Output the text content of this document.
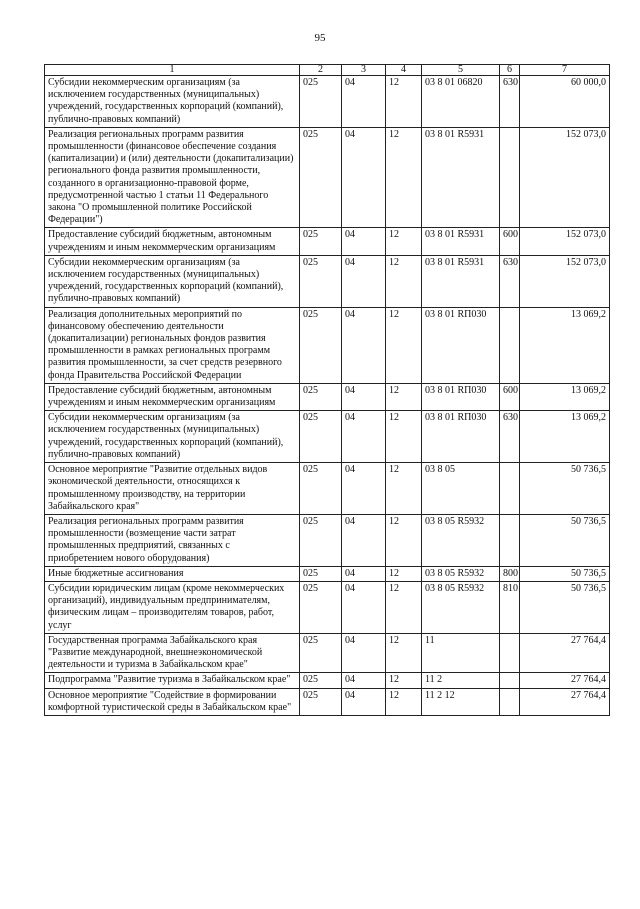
95
1	2	3	4	5	6	7
Субсидии некоммерческим организациям (за исключением государственных (муниципальных) учреждений, государственных корпораций (компаний), публично-правовых компаний)	025	04	12	03 8 01 06820	630	60 000,0
Реализация региональных программ развития промышленности (финансовое обеспечение создания (капитализации) и (или) деятельности (докапитализации) регионального фонда развития промышленности, созданного в организационно-правовой форме, предусмотренной частью 1 статьи 11 Федерального закона "О промышленной политике Российской Федерации")	025	04	12	03 8 01 R5931		152 073,0
Предоставление субсидий бюджетным, автономным учреждениям и иным некоммерческим организациям	025	04	12	03 8 01 R5931	600	152 073,0
Субсидии некоммерческим организациям (за исключением государственных (муниципальных) учреждений, государственных корпораций (компаний), публично-правовых компаний)	025	04	12	03 8 01 R5931	630	152 073,0
Реализация дополнительных мероприятий по финансовому обеспечению деятельности (докапитализации) региональных фондов развития промышленности в рамках региональных программ развития промышленности, за счет средств резервного фонда Правительства Российской Федерации	025	04	12	03 8 01 RП030		13 069,2
Предоставление субсидий бюджетным, автономным учреждениям и иным некоммерческим организациям	025	04	12	03 8 01 RП030	600	13 069,2
Субсидии некоммерческим организациям (за исключением государственных (муниципальных) учреждений, государственных корпораций (компаний), публично-правовых компаний)	025	04	12	03 8 01 RП030	630	13 069,2
Основное мероприятие "Развитие отдельных видов экономической деятельности, относящихся к промышленному производству, на территории Забайкальского края"	025	04	12	03 8 05		50 736,5
Реализация региональных программ развития промышленности (возмещение части затрат промышленных предприятий, связанных с приобретением нового оборудования)	025	04	12	03 8 05 R5932		50 736,5
Иные бюджетные ассигнования	025	04	12	03 8 05 R5932	800	50 736,5
Субсидии юридическим лицам (кроме некоммерческих организаций), индивидуальным предпринимателям, физическим лицам – производителям товаров, работ, услуг	025	04	12	03 8 05 R5932	810	50 736,5
Государственная программа Забайкальского края "Развитие международной, внешнеэкономической деятельности и туризма в Забайкальском крае"	025	04	12	11		27 764,4
Подпрограмма "Развитие туризма в Забайкальском крае"	025	04	12	11 2		27 764,4
Основное мероприятие "Содействие в формировании комфортной туристической среды в Забайкальском крае"	025	04	12	11 2 12		27 764,4
